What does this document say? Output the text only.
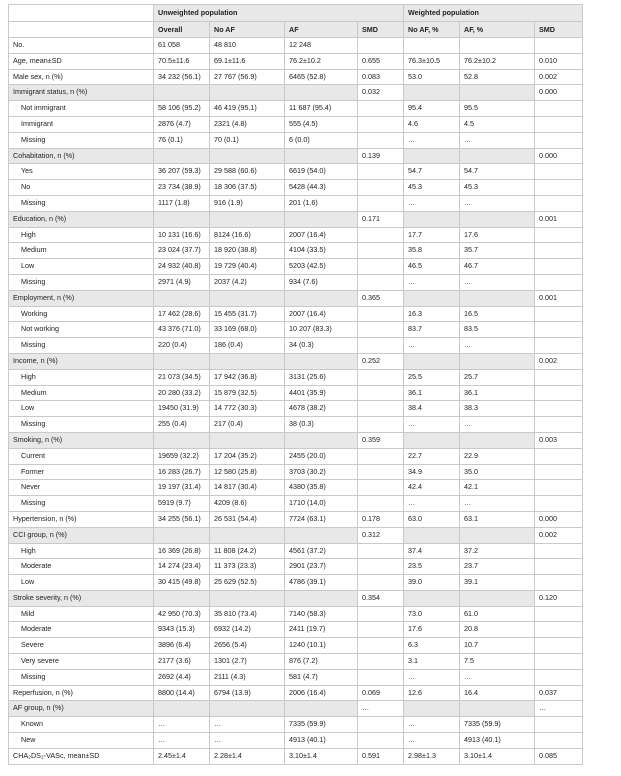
	Unweighted population				Weighted population		
	Overall	No AF	AF	SMD	No AF, %	AF, %	SMD
No.	61 058	48 810	12 248				
Age, mean±SD	70.5±11.6	69.1±11.6	76.2±10.2	0.655	76.3±10.5	76.2±10.2	0.010
Male sex, n (%)	34 232 (56.1)	27 767 (56.9)	6465 (52.8)	0.083	53.0	52.8	0.002
Immigrant status, n (%)				0.032			0.000
Not immigrant	58 106 (95.2)	46 419 (95.1)	11 687 (95.4)		95.4	95.5	
Immigrant	2876 (4.7)	2321 (4.8)	555 (4.5)		4.6	4.5	
Missing	76 (0.1)	70 (0.1)	6 (0.0)		…	…	
Cohabitation, n (%)				0.139			0.000
Yes	36 207 (59.3)	29 588 (60.6)	6619 (54.0)		54.7	54.7	
No	23 734 (38.9)	18 306 (37.5)	5428 (44.3)		45.3	45.3	
Missing	1117 (1.8)	916 (1.9)	201 (1.6)		…	…	
Education, n (%)				0.171			0.001
High	10 131 (16.6)	8124 (16.6)	2007 (16.4)		17.7	17.6	
Medium	23 024 (37.7)	18 920 (38.8)	4104 (33.5)		35.8	35.7	
Low	24 932 (40.8)	19 729 (40.4)	5203 (42.5)		46.5	46.7	
Missing	2971 (4.9)	2037 (4.2)	934 (7.6)		…	…	
Employment, n (%)				0.365			0.001
Working	17 462 (28.6)	15 455 (31.7)	2007 (16.4)		16.3	16.5	
Not working	43 376 (71.0)	33 169 (68.0)	10 207 (83.3)		83.7	83.5	
Missing	220 (0.4)	186 (0.4)	34 (0.3)		…	…	
Income, n (%)				0.252			0.002
High	21 073 (34.5)	17 942 (36.8)	3131 (25.6)		25.5	25.7	
Medium	20 280 (33.2)	15 879 (32.5)	4401 (35.9)		36.1	36.1	
Low	19450 (31.9)	14 772 (30.3)	4678 (38.2)		38.4	38.3	
Missing	255 (0.4)	217 (0.4)	38 (0.3)		…	…	
Smoking, n (%)				0.359			0.003
Current	19659 (32.2)	17 204 (35.2)	2455 (20.0)		22.7	22.9	
Former	16 283 (26.7)	12 580 (25.8)	3703 (30.2)		34.9	35.0	
Never	19 197 (31.4)	14 817 (30.4)	4380 (35.8)		42.4	42.1	
Missing	5919 (9.7)	4209 (8.6)	1710 (14.0)		…	…	
Hypertension, n (%)	34 255 (56.1)	26 531 (54.4)	7724 (63.1)	0.178	63.0	63.1	0.000
CCI group, n (%)				0.312			0.002
High	16 369 (26.8)	11 808 (24.2)	4561 (37.2)		37.4	37.2	
Moderate	14 274 (23.4)	11 373 (23.3)	2901 (23.7)		23.5	23.7	
Low	30 415 (49.8)	25 629 (52.5)	4786 (39.1)		39.0	39.1	
Stroke severity, n (%)				0.354			0.120
Mild	42 950 (70.3)	35 810 (73.4)	7140 (58.3)		73.0	61.0	
Moderate	9343 (15.3)	6932 (14.2)	2411 (19.7)		17.6	20.8	
Severe	3896 (6.4)	2656 (5.4)	1240 (10.1)		6.3	10.7	
Very severe	2177 (3.6)	1301 (2.7)	876 (7.2)		3.1	7.5	
Missing	2692 (4.4)	2111 (4.3)	581 (4.7)		…	…	
Reperfusion, n (%)	8800 (14.4)	6794 (13.9)	2006 (16.4)	0.069	12.6	16.4	0.037
AF group, n (%)				…			…
Known	…	…	7335 (59.9)		…	7335 (59.9)	
New	…	…	4913 (40.1)		…	4913 (40.1)	
CHA₂DS₂-VASc, mean±SD	2.45±1.4	2.28±1.4	3.10±1.4	0.591	2.98±1.3	3.10±1.4	0.085
